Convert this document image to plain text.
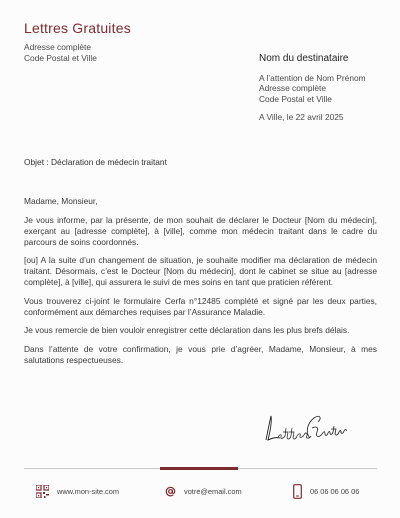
Lettres Gratuites
Adresse complète
Code Postal et Ville	Nom du destinataire
A l’attention de Nom Prénom
Adresse complète
Code Postal et Ville
A Ville, le 22 avril 2025
Objet : Déclaration de médecin traitant

Madame, Monsieur,

Je vous informe, par la présente, de mon souhait de déclarer le Docteur [Nom du médecin], exerçant au [adresse complète], à [ville], comme mon médecin traitant dans le cadre du parcours de soins coordonnés.

[ou] A la suite d’un changement de situation, je souhaite modifier ma déclaration de médecin traitant. Désormais, c’est le Docteur [Nom du médecin], dont le cabinet se situe au [adresse complète], à [ville], qui assurera le suivi de mes soins en tant que praticien référent.

Vous trouverez ci-joint le formulaire Cerfa n°12485 complété et signé par les deux parties, conformément aux démarches requises par l’Assurance Maladie.

Je vous remercie de bien vouloir enregistrer cette déclaration dans les plus brefs délais.

Dans l’attente de votre confirmation, je vous prie d’agréer, Madame, Monsieur, à mes salutations respectueuses.

www.mon-site.com	votre@email.com	06 06 06 06 06
